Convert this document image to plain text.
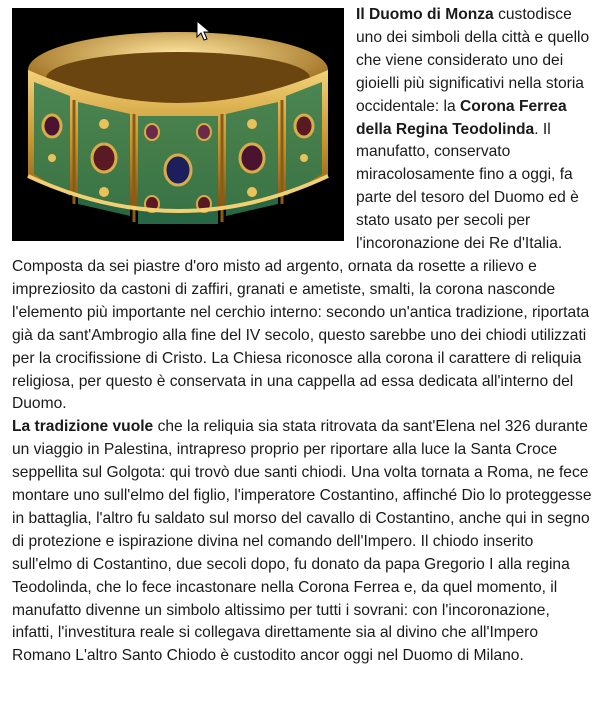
Il Duomo di Monza custodisce uno dei simboli della città e quello che viene considerato uno dei gioielli più significativi nella storia occidentale: la Corona Ferrea della Regina Teodolinda. Il manufatto, conservato miracolosamente fino a oggi, fa parte del tesoro del Duomo ed è stato usato per secoli per l'incoronazione dei Re d'Italia. Composta da sei piastre d'oro misto ad argento, ornata da rosette a rilievo e impreziosito da castoni di zaffiri, granati e ametiste, smalti, la corona nasconde l'elemento più importante nel cerchio interno: secondo un'antica tradizione, riportata già da sant'Ambrogio alla fine del IV secolo, questo sarebbe uno dei chiodi utilizzati per la crocifissione di Cristo. La Chiesa riconosce alla corona il carattere di reliquia religiosa, per questo è conservata in una cappella ad essa dedicata all'interno del Duomo.

La tradizione vuole che la reliquia sia stata ritrovata da sant'Elena nel 326 durante un viaggio in Palestina, intrapreso proprio per riportare alla luce la Santa Croce seppellita sul Golgota: qui trovò due santi chiodi. Una volta tornata a Roma, ne fece montare uno sull'elmo del figlio, l'imperatore Costantino, affinché Dio lo proteggesse in battaglia, l'altro fu saldato sul morso del cavallo di Costantino, anche qui in segno di protezione e ispirazione divina nel comando dell'Impero. Il chiodo inserito sull'elmo di Costantino, due secoli dopo, fu donato da papa Gregorio I alla regina Teodolinda, che lo fece incastonare nella Corona Ferrea e, da quel momento, il manufatto divenne un simbolo altissimo per tutti i sovrani: con l'incoronazione, infatti, l'investitura reale si collegava direttamente sia al divino che all'Impero Romano L'altro Santo Chiodo è custodito ancor oggi nel Duomo di Milano.
